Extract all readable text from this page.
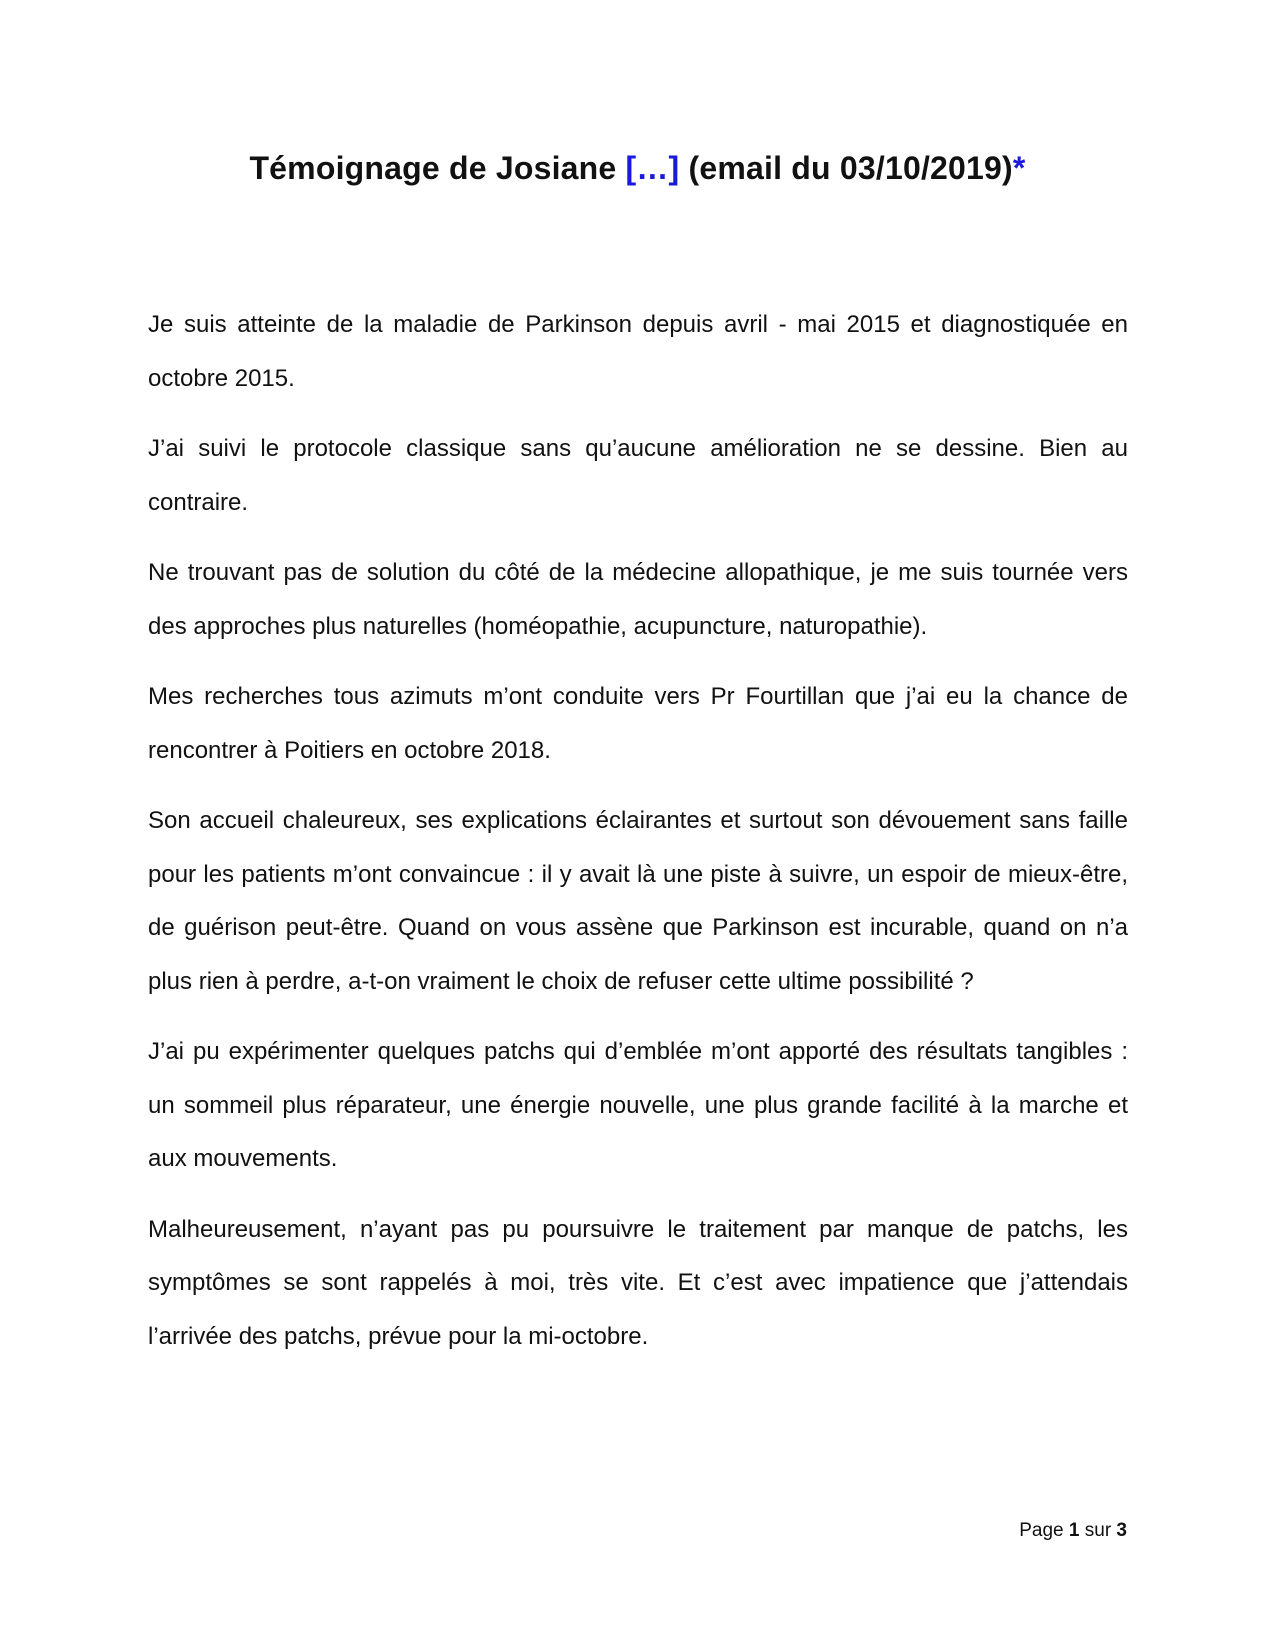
Témoignage de Josiane […] (email du 03/10/2019)*

Je suis atteinte de la maladie de Parkinson depuis avril - mai 2015 et diagnostiquée en octobre 2015.

J’ai suivi le protocole classique sans qu’aucune amélioration ne se dessine. Bien au contraire.

Ne trouvant pas de solution du côté de la médecine allopathique, je me suis tournée vers des approches plus naturelles (homéopathie, acupuncture, naturopathie).

Mes recherches tous azimuts m’ont conduite vers Pr Fourtillan que j’ai eu la chance de rencontrer à Poitiers en octobre 2018.

Son accueil chaleureux, ses explications éclairantes et surtout son dévouement sans faille pour les patients m’ont convaincue : il y avait là une piste à suivre, un espoir de mieux-être, de guérison peut-être. Quand on vous assène que Parkinson est incurable, quand on n’a plus rien à perdre, a-t-on vraiment le choix de refuser cette ultime possibilité ?

J’ai pu expérimenter quelques patchs qui d’emblée m’ont apporté des résultats tangibles : un sommeil plus réparateur, une énergie nouvelle, une plus grande facilité à la marche et aux mouvements.

Malheureusement, n’ayant pas pu poursuivre le traitement par manque de patchs, les symptômes se sont rappelés à moi, très vite. Et c’est avec impatience que j’attendais l’arrivée des patchs, prévue pour la mi-octobre.

Page 1 sur 3
